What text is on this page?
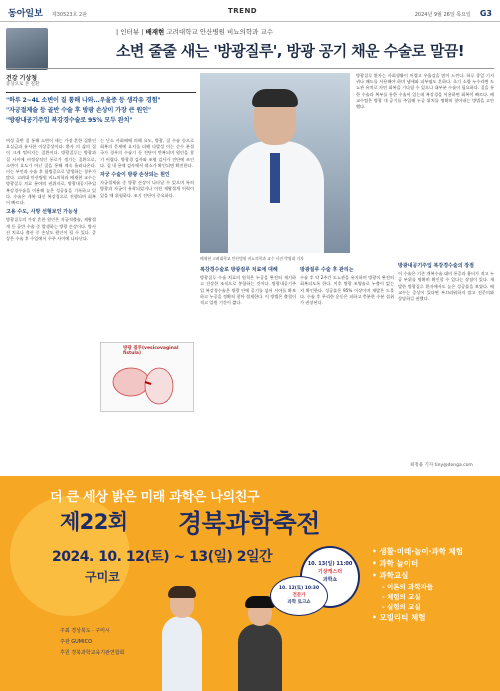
동아일보 제30523호 2판	2024년 9월 26일 목요일 G3
TREND
건강 기상청
증상으로 본 질환
| 인터뷰 | 배재현 고려대학교 안산병원 비뇨의학과 교수
소변 줄줄 새는 '방광질루', 방광 공기 채운 수술로 말끔!

"하루 2~4L 소변이 질 통해 나와…우울증 등 생각유 경험"

"자궁절제술 등 골반 수술 후 방광 손상이 가장 큰 원인"

"방광내공기주입 복강경수술로 95% 모두 완치"

배재현 고려대학교 안산병원 비뇨의학과 교수 사진 박영대 기자
여성 골반 질 통해 소변이 새는 가장 흔한 질환인 요실금과 유사한 이상증상이다. 환자 의 삶의 질이 크게 떨어지는 질환이다. 방광질루는 방광과 질 사이에 비정상적인 통로가 생기는 질환으로, 소변이 요도가 아닌 질을 통해 계속 흘러나온다. 이는 부인과 수술 후 합병증으로 발생하는 경우가 많다. 고려대 안산병원 비뇨의학과 배재현 교수는 방광질루 치료 분야의 권위자로, 방광내공기주입 복강경수술을 이용해 높은 성공률을 기록하고 있다. 수술은 개복 대신 복강경으로 진행되며 회복이 빠르다.
고용 수도, 사망 선형보인 가능성
방광질루의 가장 흔한 원인은 자궁적출술, 제왕절개 등 골반 수술 중 발생하는 방광 손상이다. 방사선 치료나 출산 중 손상도 원인이 될 수 있다. 증상은 수술 후 수일에서 수주 사이에 나타난다.
는 난소 사회배에 의해 요도, 방광, 질 수술 등으로 회복의 문제에 요지를 더해 다발성 이는 순수 분절 국가 경우의 수술기 등 진단이 반복되며 원인을 찾기 어렵다. 방광경 검사와 조영 검사가 진단에 쓰인다. 질 내 용액 검사에서 색소가 확인되면 확진한다.
자궁 수술이 방광 손상되는 원인
자궁절제술 중 방광 손상이 나타날 수 있으며 특히 방광과 자궁이 유착되었거나 이전 제왕절개 이력이 있을 때 위험하다. 조기 진단이 중요하다.
방광 질루(vesicovaginal fistula)
방광질루 환자는 사회생활이 어렵고 우울감을 많이 느낀다. 하루 종일 기저귀나 패드를 사용해야 하며 냄새와 피부염도 흔하다. 초기 소량 누수라면 도뇨관 유치로 자연 회복을 기다릴 수 있으나 대부분 수술이 필요하다. 질을 통한 수술과 복부를 통한 수술이 있는데 복강경을 이용하면 회복이 빠르다. 배 교수팀은 방광 내 공기를 주입해 누공 위치를 명확히 찾아내는 방법을 고안했다.
복강경수술로 방광질루 치료에 대해
방광질루 수술 치료의 원칙은 누공을 완전히 제거하고 건강한 조직으로 봉합하는 것이다. 방광내공기주입 복강경수술은 방광 안에 공기를 넣어 시야를 확보하고 누공을 정확히 찾아 절제한다. 이 방법은 출혈이 적고 입원 기간이 짧다.
방광질루 수술 후 관리는
수술 후 약 2주간 도뇨관을 유지하며 방광이 완전히 회복되도록 한다. 이후 방광 조영술로 누출이 없는지 확인한다. 성공률은 95% 이상이며 재발은 드물다. 수술 후 무리한 운동은 피하고 충분한 수분 섭취가 권장된다.
방광내공기주입 복강경수술의 장점
이 수술은 기존 개복수술 대비 통증과 흉터가 적고 누공 부위를 명확히 확인할 수 있다는 장점이 있다. 재발한 방광질루 환자에서도 높은 성공률을 보였다. 배 교수는 증상이 있다면 부끄러워하지 말고 전문의와 상담하길 권했다.
최정용 기자 tiny@donga.com
더 큰 세상 밝은 미래 과학은 나의친구
제22회 경북과학축전
2024. 10. 12(토) ~ 13(일) 2일간
구미코
10. 13(일) 11:00
기상캐스터
과학쇼
10. 12(토) 10:30
전문가
과학 토크쇼
• 생활·미래·놀이·과학 체험
• 과학 놀이터
• 과학교실
- 이론의 과학자들
- 체험의 교실
- 실험의 교실
• 모빌리티 체험
주최 경상북도 · 구미시
주관 GUMICO
후원 경북과학교육기관연합회
